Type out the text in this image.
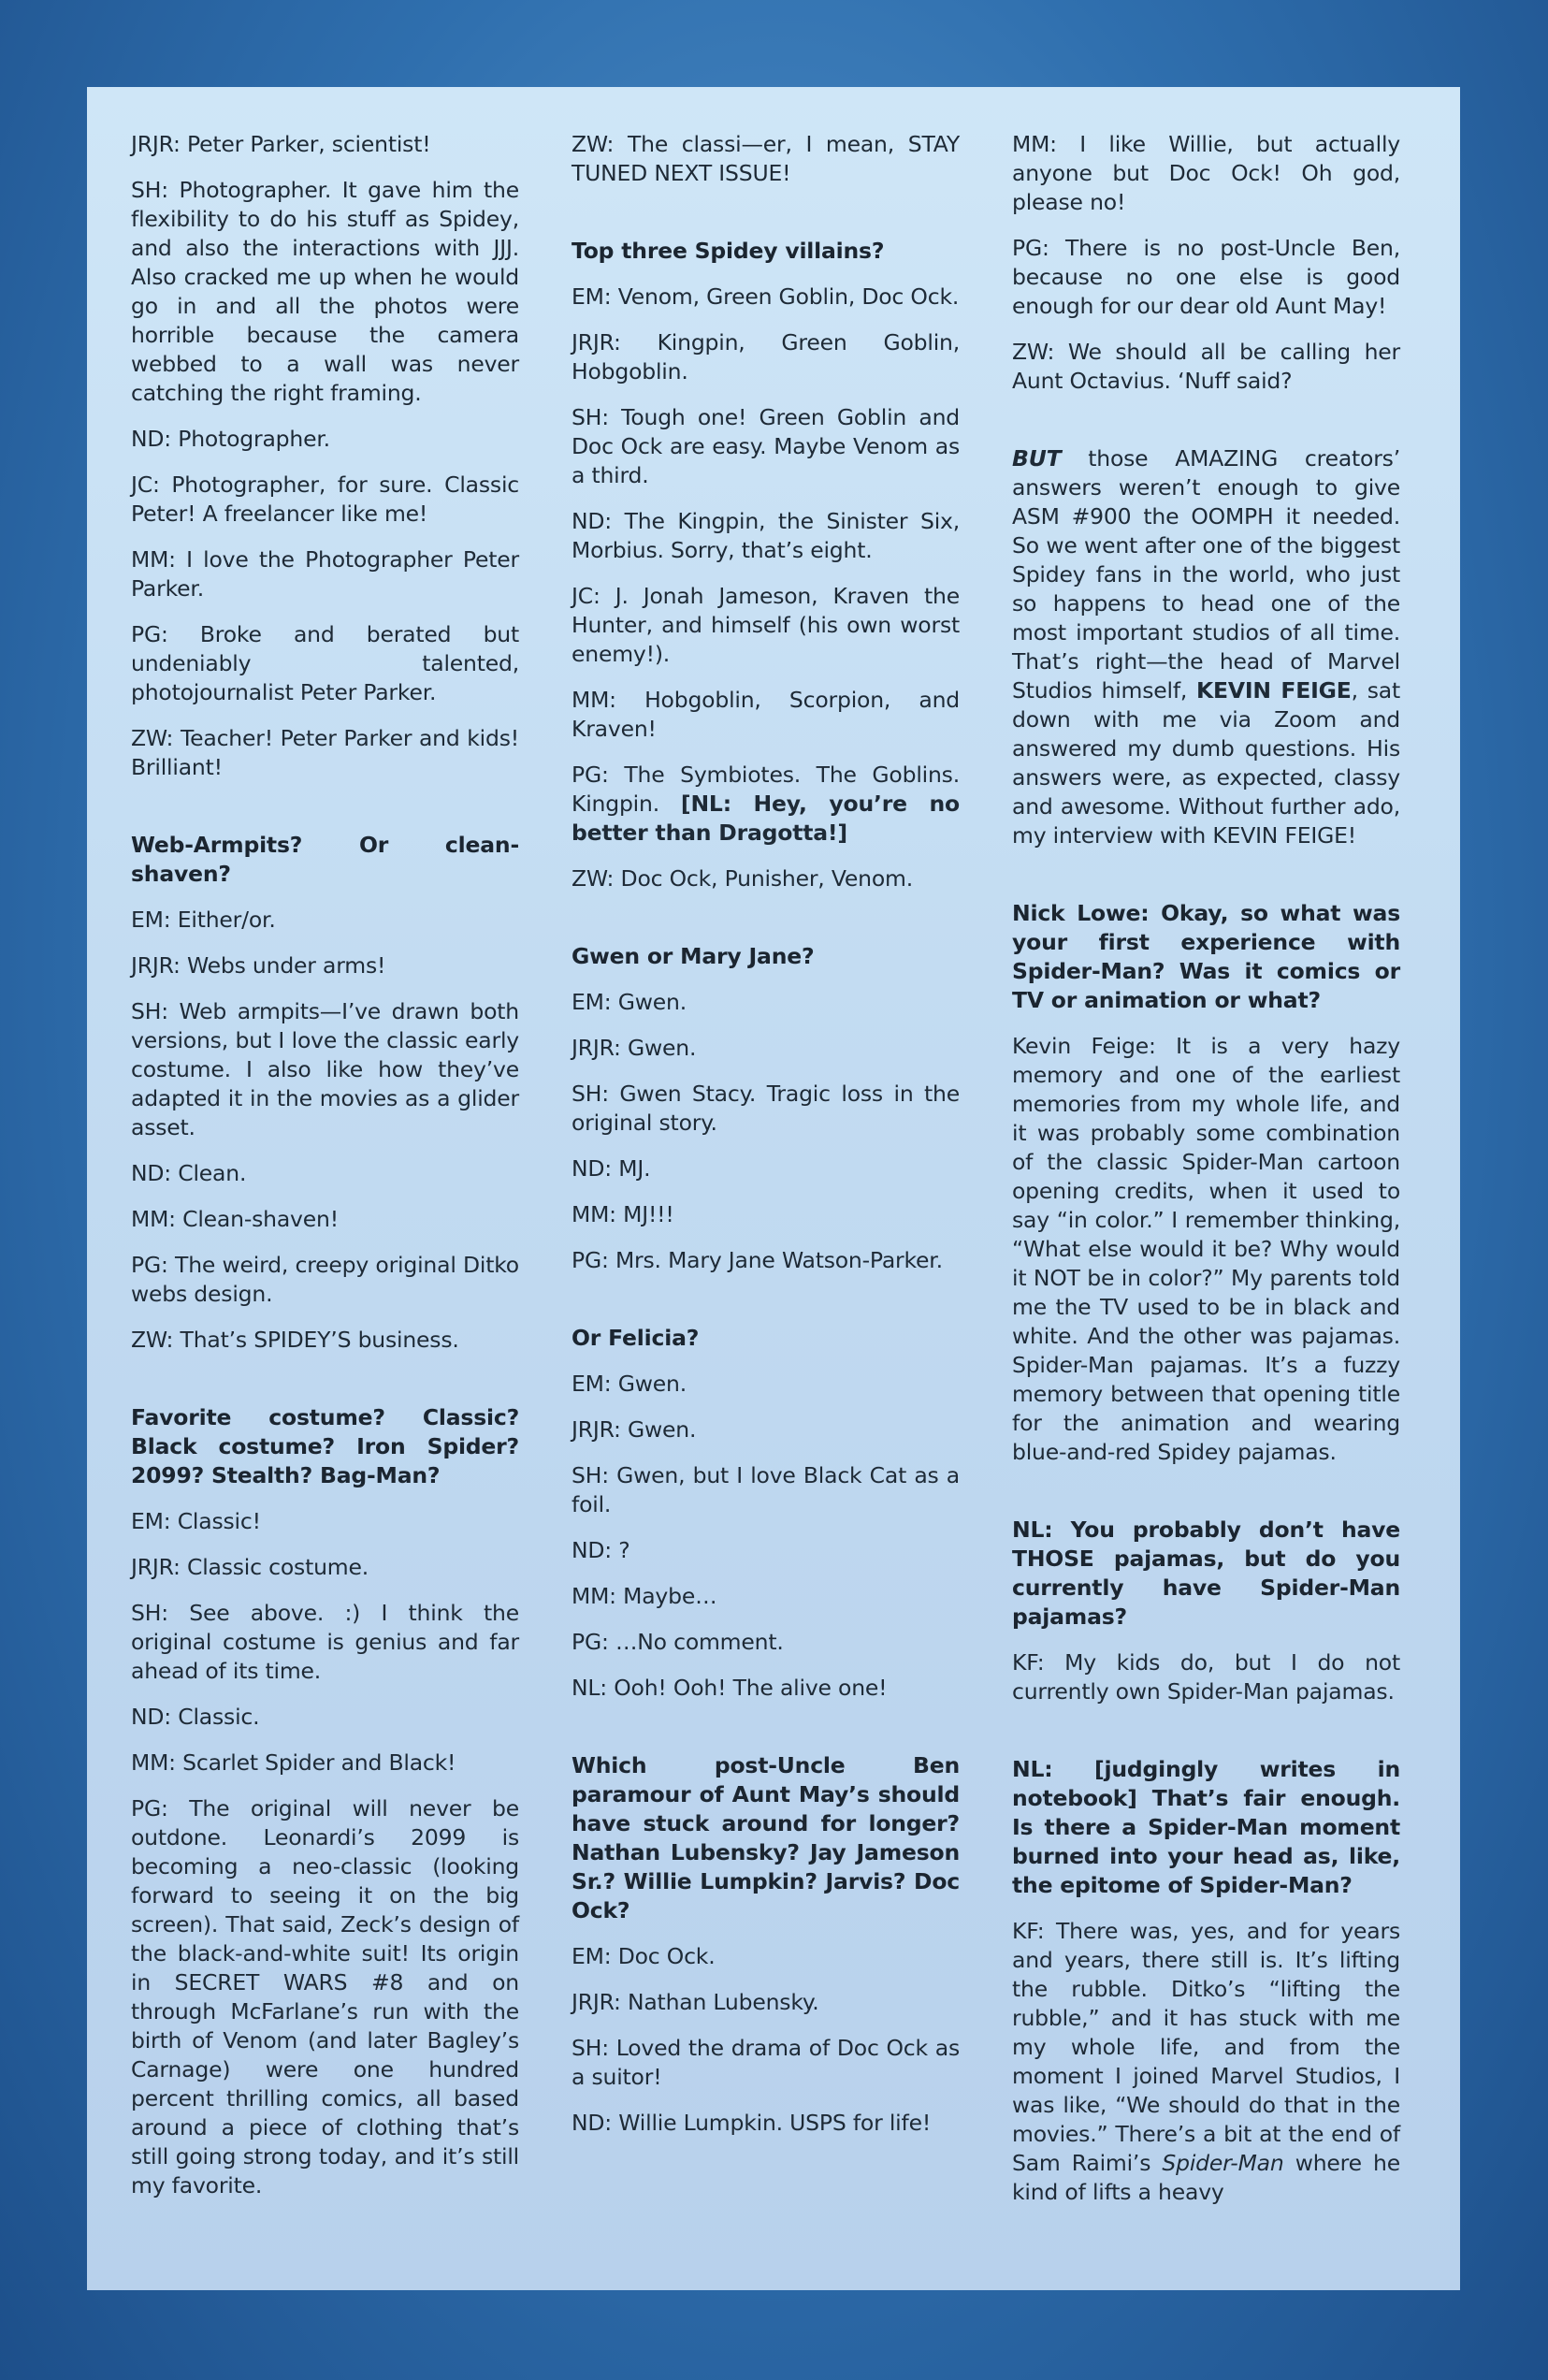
JRJR: Peter Parker, scientist!

SH: Photographer. It gave him the flexibility to do his stuff as Spidey, and also the interactions with JJJ. Also cracked me up when he would go in and all the photos were horrible because the camera webbed to a wall was never catching the right framing.

ND: Photographer.

JC: Photographer, for sure. Classic Peter! A freelancer like me!

MM: I love the Photographer Peter Parker.

PG: Broke and berated but undeniably talented, photojournalist Peter Parker.

ZW: Teacher! Peter Parker and kids! Brilliant!

Web-Armpits? Or clean-shaven?

EM: Either/or.

JRJR: Webs under arms!

SH: Web armpits—I’ve drawn both versions, but I love the classic early costume. I also like how they’ve adapted it in the movies as a glider asset.

ND: Clean.

MM: Clean-shaven!

PG: The weird, creepy original Ditko webs design.

ZW: That’s SPIDEY’S business.

Favorite costume? Classic? Black costume? Iron Spider? 2099? Stealth? Bag-Man?

EM: Classic!

JRJR: Classic costume.

SH: See above. :) I think the original costume is genius and far ahead of its time.

ND: Classic.

MM: Scarlet Spider and Black!

PG: The original will never be outdone. Leonardi’s 2099 is becoming a neo-classic (looking forward to seeing it on the big screen). That said, Zeck’s design of the black-and-white suit! Its origin in SECRET WARS #8 and on through McFarlane’s run with the birth of Venom (and later Bagley’s Carnage) were one hundred percent thrilling comics, all based around a piece of clothing that’s still going strong today, and it’s still my favorite.

ZW: The classi—er, I mean, STAY TUNED NEXT ISSUE!

Top three Spidey villains?

EM: Venom, Green Goblin, Doc Ock.

JRJR: Kingpin, Green Goblin, Hobgoblin.

SH: Tough one! Green Goblin and Doc Ock are easy. Maybe Venom as a third.

ND: The Kingpin, the Sinister Six, Morbius. Sorry, that’s eight.

JC: J. Jonah Jameson, Kraven the Hunter, and himself (his own worst enemy!).

MM: Hobgoblin, Scorpion, and Kraven!

PG: The Symbiotes. The Goblins. Kingpin. [NL: Hey, you’re no better than Dragotta!]

ZW: Doc Ock, Punisher, Venom.

Gwen or Mary Jane?

EM: Gwen.

JRJR: Gwen.

SH: Gwen Stacy. Tragic loss in the original story.

ND: MJ.

MM: MJ!!!

PG: Mrs. Mary Jane Watson-Parker.

Or Felicia?

EM: Gwen.

JRJR: Gwen.

SH: Gwen, but I love Black Cat as a foil.

ND: ?

MM: Maybe…

PG: …No comment.

NL: Ooh! Ooh! The alive one!

Which post-Uncle Ben paramour of Aunt May’s should have stuck around for longer? Nathan Lubensky? Jay Jameson Sr.? Willie Lumpkin? Jarvis? Doc Ock?

EM: Doc Ock.

JRJR: Nathan Lubensky.

SH: Loved the drama of Doc Ock as a suitor!

ND: Willie Lumpkin. USPS for life!

MM: I like Willie, but actually anyone but Doc Ock! Oh god, please no!

PG: There is no post-Uncle Ben, because no one else is good enough for our dear old Aunt May!

ZW: We should all be calling her Aunt Octavius. ‘Nuff said?

BUT those AMAZING creators’ answers weren’t enough to give ASM #900 the OOMPH it needed. So we went after one of the biggest Spidey fans in the world, who just so happens to head one of the most important studios of all time. That’s right—the head of Marvel Studios himself, KEVIN FEIGE, sat down with me via Zoom and answered my dumb questions. His answers were, as expected, classy and awesome. Without further ado, my interview with KEVIN FEIGE!

Nick Lowe: Okay, so what was your first experience with Spider-Man? Was it comics or TV or animation or what?

Kevin Feige: It is a very hazy memory and one of the earliest memories from my whole life, and it was probably some combination of the classic Spider-Man cartoon opening credits, when it used to say “in color.” I remember thinking, “What else would it be? Why would it NOT be in color?” My parents told me the TV used to be in black and white. And the other was pajamas. Spider-Man pajamas. It’s a fuzzy memory between that opening title for the animation and wearing blue-and-red Spidey pajamas.

NL: You probably don’t have THOSE pajamas, but do you currently have Spider-Man pajamas?

KF: My kids do, but I do not currently own Spider-Man pajamas.

NL: [judgingly writes in notebook] That’s fair enough. Is there a Spider-Man moment burned into your head as, like, the epitome of Spider-Man?

KF: There was, yes, and for years and years, there still is. It’s lifting the rubble. Ditko’s “lifting the rubble,” and it has stuck with me my whole life, and from the moment I joined Marvel Studios, I was like, “We should do that in the movies.” There’s a bit at the end of Sam Raimi’s Spider-Man where he kind of lifts a heavy
